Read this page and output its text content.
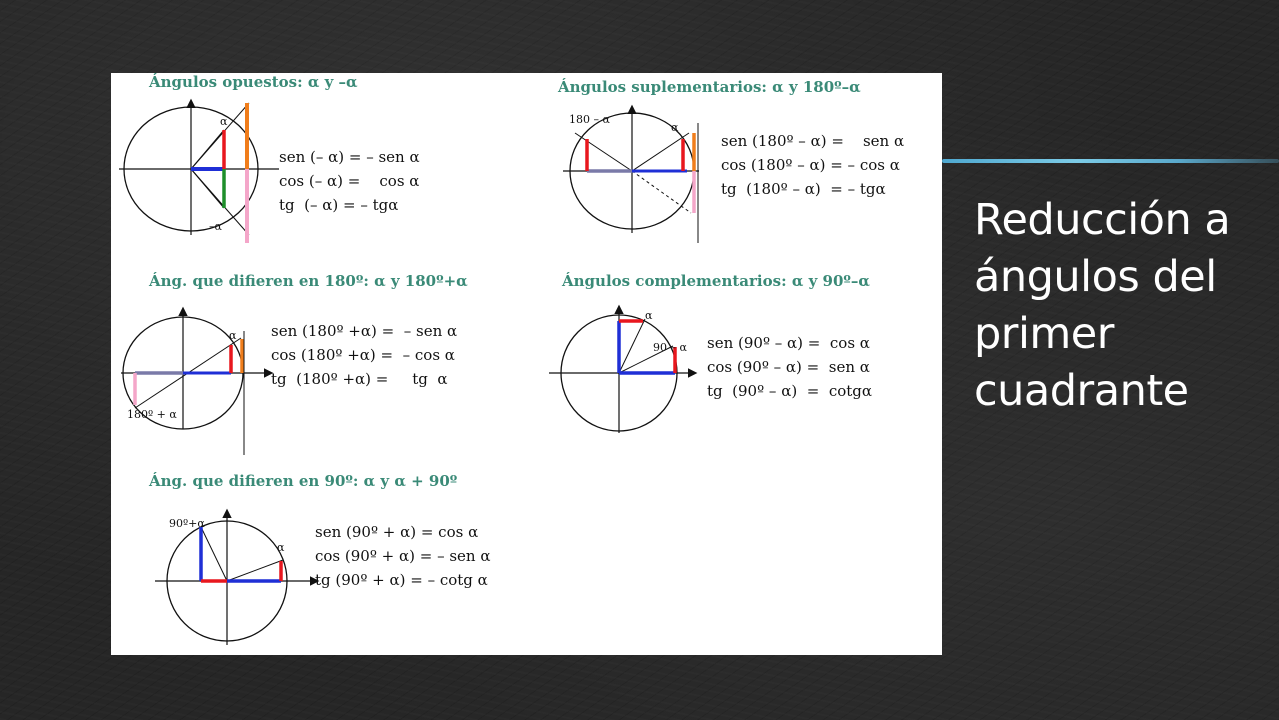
Reducción a ángulos del primer cuadrante

Ángulos opuestos: α y –α

α
–α

sen (– α) = – sen α

cos (– α) =    cos α

tg  (– α) = – tgα

Ángulos suplementarios: α y 180º–α

α
180 – α

sen (180º – α) =    sen α

cos (180º – α) = – cos α

tg  (180º – α)  = – tgα

Áng. que difieren en 180º: α y 180º+α

α
180º + α

sen (180º +α) =  – sen α

cos (180º +α) =  – cos α

tg  (180º +α) =     tg  α

Ángulos complementarios: α y 90º–α

α
90 – α sen (90º – α) =  cos α

cos (90º – α) =  sen α

tg  (90º – α)  =  cotgα

Áng. que difieren en 90º: α y α + 90º

α
90º+α	sen (90º + α) = cos α

cos (90º + α) = – sen α

tg (90º + α) = – cotg α
